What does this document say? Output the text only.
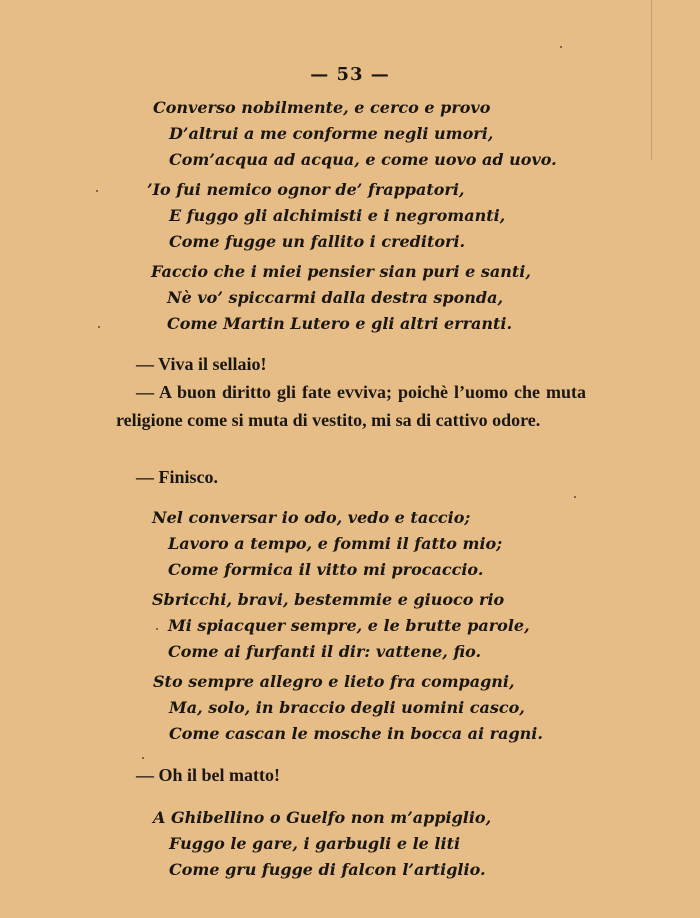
— 53 —
Converso nobilmente, e cerco e provo
D’altrui a me conforme negli umori,
Com’acqua ad acqua, e come uovo ad uovo.
’Io fui nemico ognor de’ frappatori,
E fuggo gli alchimisti e i negromanti,
Come fugge un fallito i creditori.
Faccio che i miei pensier sian puri e santi,
Nè vo’ spiccarmi dalla destra sponda,
Come Martin Lutero e gli altri erranti.
— Viva il sellaio!
— A buon diritto gli fate evviva; poichè l’uomo che muta religione come si muta di vestito, mi sa di cattivo odore.
— Finisco.
Nel conversar io odo, vedo e taccio;
Lavoro a tempo, e fommi il fatto mio;
Come formica il vitto mi procaccio.
Sbricchi, bravi, bestemmie e giuoco rio
Mi spiacquer sempre, e le brutte parole,
Come ai furfanti il dir: vattene, fio.
Sto sempre allegro e lieto fra compagni,
Ma, solo, in braccio degli uomini casco,
Come cascan le mosche in bocca ai ragni.
— Oh il bel matto!
A Ghibellino o Guelfo non m’appiglio,
Fuggo le gare, i garbugli e le liti
Come gru fugge di falcon l’artiglio.
